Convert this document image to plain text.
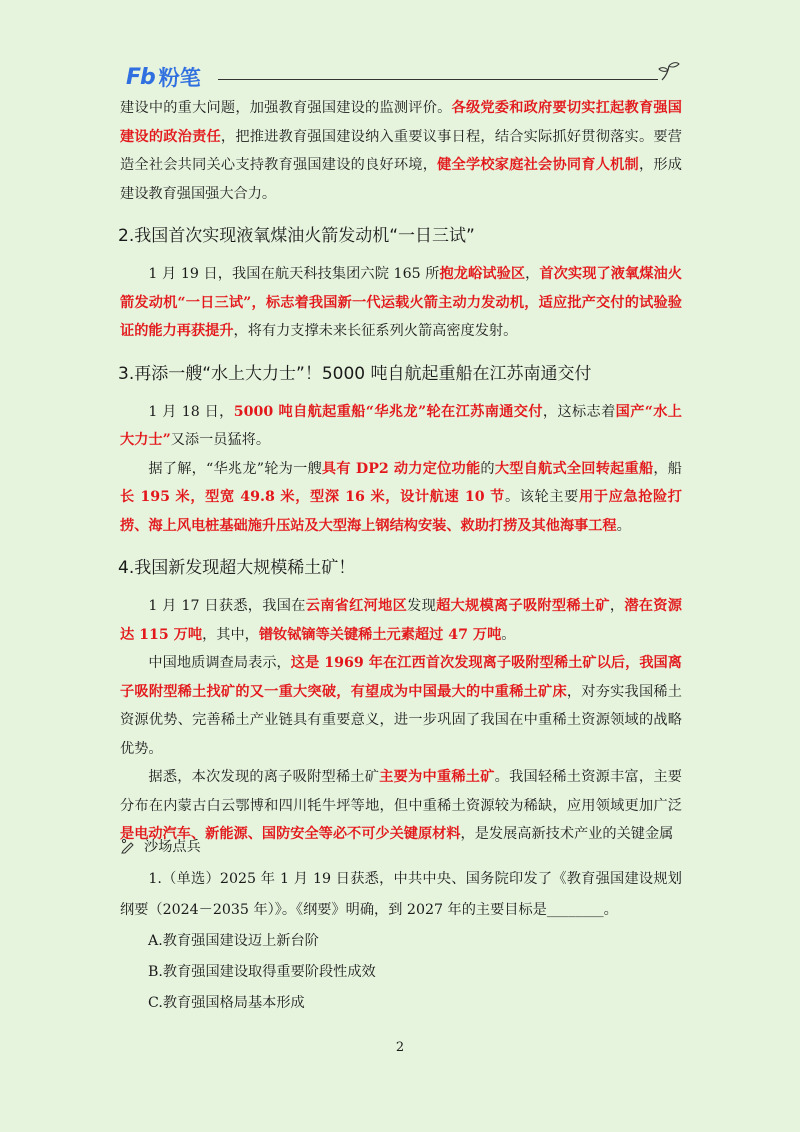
Fb 粉笔

建设中的重大问题，加强教育强国建设的监测评价。各级党委和政府要切实扛起教育强国建设的政治责任，把推进教育强国建设纳入重要议事日程，结合实际抓好贯彻落实。要营造全社会共同关心支持教育强国建设的良好环境，健全学校家庭社会协同育人机制，形成建设教育强国强大合力。

2.我国首次实现液氧煤油火箭发动机“一日三试”

1 月 19 日，我国在航天科技集团六院 165 所抱龙峪试验区，首次实现了液氧煤油火箭发动机“一日三试”，标志着我国新一代运载火箭主动力发动机，适应批产交付的试验验证的能力再获提升，将有力支撑未来长征系列火箭高密度发射。

3.再添一艘“水上大力士”！5000 吨自航起重船在江苏南通交付

1 月 18 日，5000 吨自航起重船“华兆龙”轮在江苏南通交付，这标志着国产“水上大力士”又添一员猛将。

据了解，“华兆龙”轮为一艘具有 DP2 动力定位功能的大型自航式全回转起重船，船长 195 米，型宽 49.8 米，型深 16 米，设计航速 10 节。该轮主要用于应急抢险打捞、海上风电桩基础施升压站及大型海上钢结构安装、救助打捞及其他海事工程。

4.我国新发现超大规模稀土矿！

1 月 17 日获悉，我国在云南省红河地区发现超大规模离子吸附型稀土矿，潜在资源达 115 万吨，其中，镨钕铽镝等关键稀土元素超过 47 万吨。

中国地质调查局表示，这是 1969 年在江西首次发现离子吸附型稀土矿以后，我国离子吸附型稀土找矿的又一重大突破，有望成为中国最大的中重稀土矿床，对夯实我国稀土资源优势、完善稀土产业链具有重要意义，进一步巩固了我国在中重稀土资源领域的战略优势。

据悉，本次发现的离子吸附型稀土矿主要为中重稀土矿。我国轻稀土资源丰富，主要分布在内蒙古白云鄂博和四川牦牛坪等地，但中重稀土资源较为稀缺，应用领域更加广泛是电动汽车、新能源、国防安全等必不可少关键原材料，是发展高新技术产业的关键金属

沙场点兵

1.（单选）2025 年 1 月 19 日获悉，中共中央、国务院印发了《教育强国建设规划纲要（2024－2035 年）》。《纲要》明确，到 2027 年的主要目标是________。

A.教育强国建设迈上新台阶
B.教育强国建设取得重要阶段性成效
C.教育强国格局基本形成
2
